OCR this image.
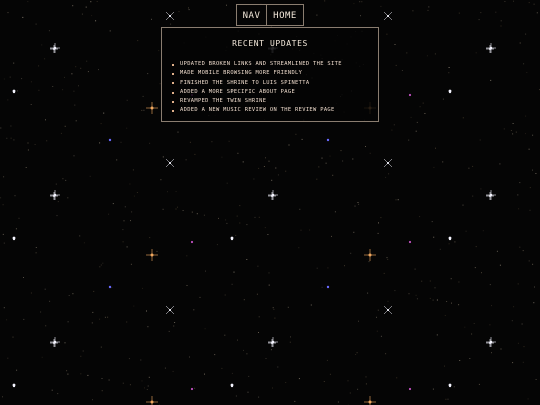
NAV	HOME
RECENT UPDATES
UPDATED BROKEN LINKS AND STREAMLINED THE SITE
MADE MOBILE BROWSING MORE FRIENDLY
FINISHED THE SHRINE TO LUIS SPINETTA
ADDED A MORE SPECIFIC ABOUT PAGE
REVAMPED THE TWIN SHRINE
ADDED A NEW MUSIC REVIEW ON THE REVIEW PAGE
